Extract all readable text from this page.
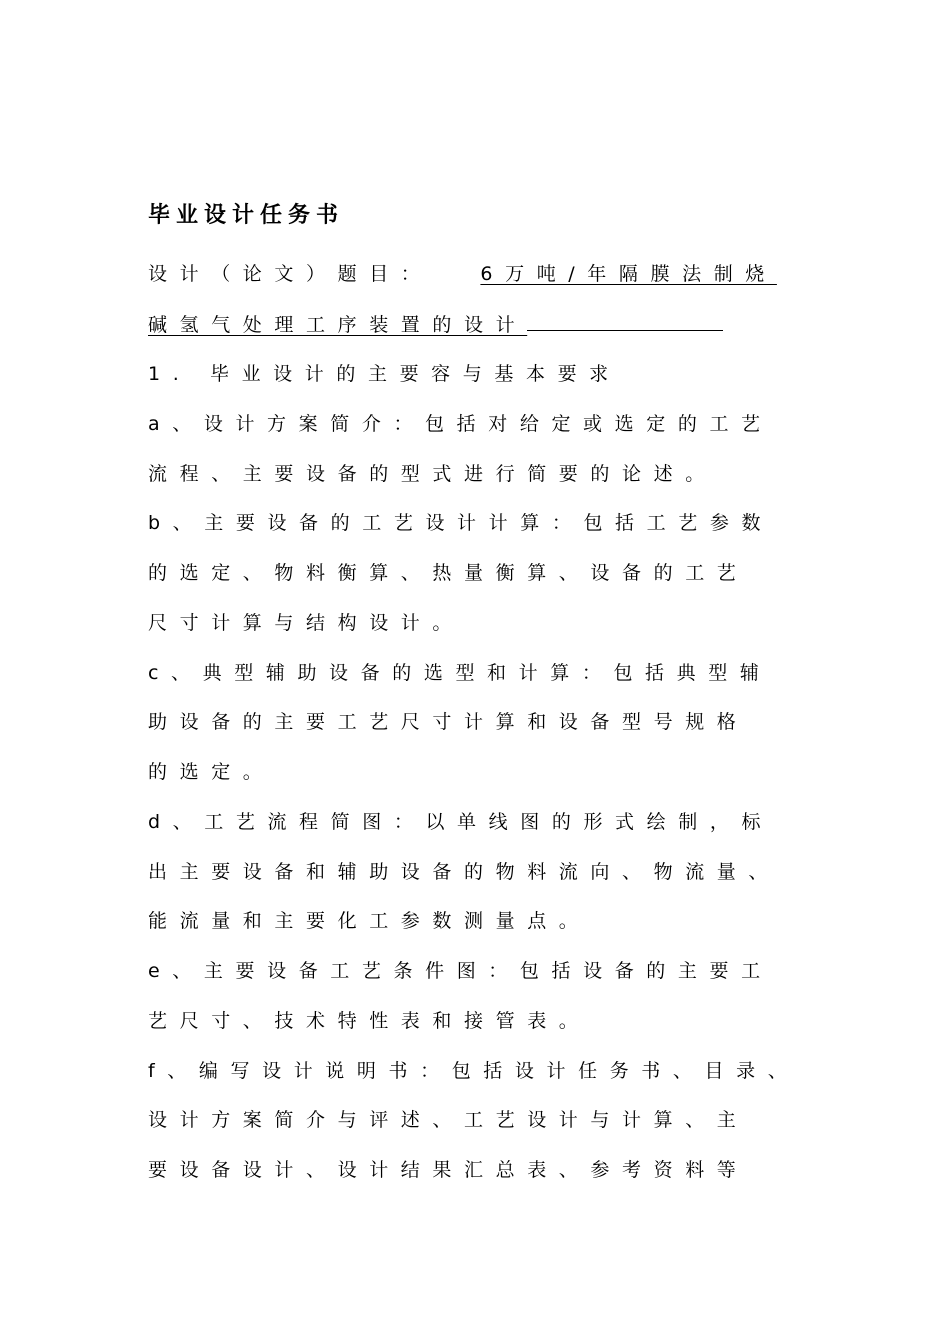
毕业设计任务书
设计（论文）题目：	6万吨/年隔膜法制烧
碱氢气处理工序装置的设计
1. 毕业设计的主要容与基本要求
a、设计方案简介：包括对给定或选定的工艺
流程、主要设备的型式进行简要的论述。
b、主要设备的工艺设计计算：包括工艺参数
的选定、物料衡算、热量衡算、设备的工艺
尺寸计算与结构设计。
c、典型辅助设备的选型和计算：包括典型辅
助设备的主要工艺尺寸计算和设备型号规格
的选定。
d、工艺流程简图：以单线图的形式绘制，标
出主要设备和辅助设备的物料流向、物流量、
能流量和主要化工参数测量点。
e、主要设备工艺条件图：包括设备的主要工
艺尺寸、技术特性表和接管表。
f、编写设计说明书：包括设计任务书、目录、
设计方案简介与评述、工艺设计与计算、主
要设备设计、设计结果汇总表、参考资料等
